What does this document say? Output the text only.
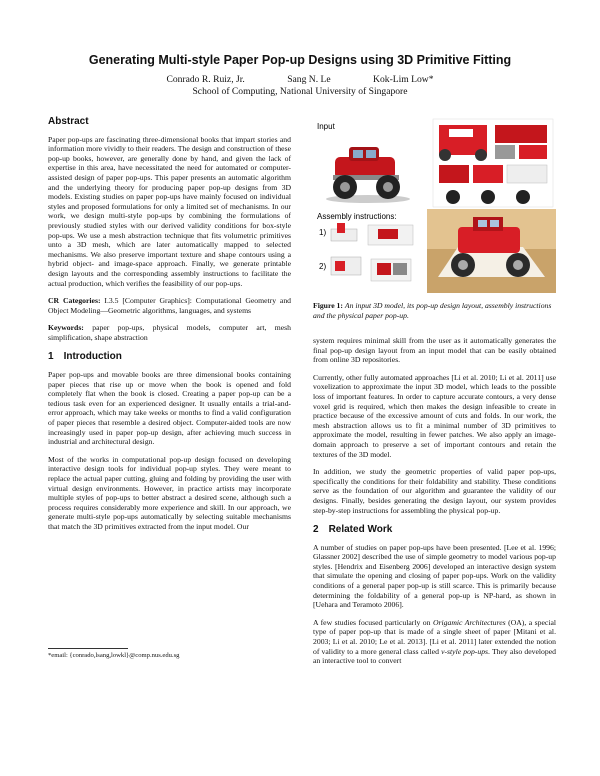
Generating Multi-style Paper Pop-up Designs using 3D Primitive Fitting
Conrado R. Ruiz, Jr.	Sang N. Le	Kok-Lim Low*
School of Computing, National University of Singapore
Abstract

Paper pop-ups are fascinating three-dimensional books that impart stories and information more vividly to their readers. The design and construction of these pop-up books, however, are generally done by hand, and given the lack of expertise in this area, have necessitated the need for automated or computer-assisted design of paper pop-ups. This paper presents an automatic algorithm and the underlying theory for producing paper pop-up designs from 3D models. Existing studies on paper pop-ups have mainly focused on individual styles and proposed formulations for only a limited set of mechanisms. In our work, we design multi-style pop-ups by combining the formulations of previously studied styles with our derived validity conditions for box-style pop-ups. We use a mesh abstraction technique that fits volumetric primitives unto a 3D mesh, which are later automatically mapped to selected mechanisms. We also preserve important texture and shape contours using a hybrid object- and image-space approach. Finally, we generate printable design layouts and the corresponding assembly instructions to facilitate the actual production, which verifies the feasibility of our pop-ups.

CR Categories: I.3.5 [Computer Graphics]: Computational Geometry and Object Modeling—Geometric algorithms, languages, and systems

Keywords: paper pop-ups, physical models, computer art, mesh simplification, shape abstraction

1 Introduction

Paper pop-ups and movable books are three dimensional books containing paper pieces that rise up or move when the book is opened and fold completely flat when the book is closed. Creating a paper pop-up can be a tedious task even for an experienced designer. It usually entails a trial-and-error approach, which may take weeks or months to find a valid configuration of paper pieces that resemble a desired object. Computer-aided tools are now increasingly used in paper pop-up design, after achieving much success in industrial and architectural design.

Most of the works in computational pop-up design focused on developing interactive design tools for individual pop-up styles. They were meant to replace the actual paper cutting, gluing and folding by providing the user with virtual design environments. However, in practice artists may incorporate multiple styles of pop-ups to better abstract a desired scene, although such a process requires considerably more experience and skill. In our approach, we generate multi-style pop-ups automatically by selecting suitable mechanisms that match the 3D primitives extracted from the input model. Our

*email: {conrado,lsang,lowkl}@comp.nus.edu.sg
Input
Assembly instructions:
1)
2)
Figure 1: An input 3D model, its pop-up design layout, assembly instructions and the physical paper pop-up.

system requires minimal skill from the user as it automatically generates the final pop-up design layout from an input model that can be easily obtained from online 3D repositories.

Currently, other fully automated approaches [Li et al. 2010; Li et al. 2011] use voxelization to approximate the input 3D model, which leads to the possible loss of important features. In order to capture accurate contours, a very dense voxel grid is required, which then makes the design infeasible to create in practice because of the excessive amount of cuts and folds. In our work, the mesh abstraction allows us to fit a minimal number of 3D primitives to approximate the model, resulting in fewer patches. We also apply an image-domain approach to preserve a set of important contours and retain the textures of the 3D model.

In addition, we study the geometric properties of valid paper pop-ups, specifically the conditions for their foldability and stability. These conditions serve as the foundation of our algorithm and guarantee the validity of our designs. Finally, besides generating the design layout, our system provides step-by-step instructions for assembling the physical pop-up.

2 Related Work

A number of studies on paper pop-ups have been presented. [Lee et al. 1996; Glassner 2002] described the use of simple geometry to model various pop-up styles. [Hendrix and Eisenberg 2006] developed an interactive design system that simulate the opening and closing of paper pop-ups. Work on the validity conditions of a general paper pop-up is still scarce. This is primarily because determining the foldability of a general pop-up is NP-hard, as shown in [Uehara and Teramoto 2006].

A few studies focused particularly on Origamic Architectures (OA), a special type of paper pop-up that is made of a single sheet of paper [Mitani et al. 2003; Li et al. 2010; Le et al. 2013]. [Li et al. 2011] later extended the notion of validity to a more general class called v-style pop-ups. They also developed an interactive tool to convert
